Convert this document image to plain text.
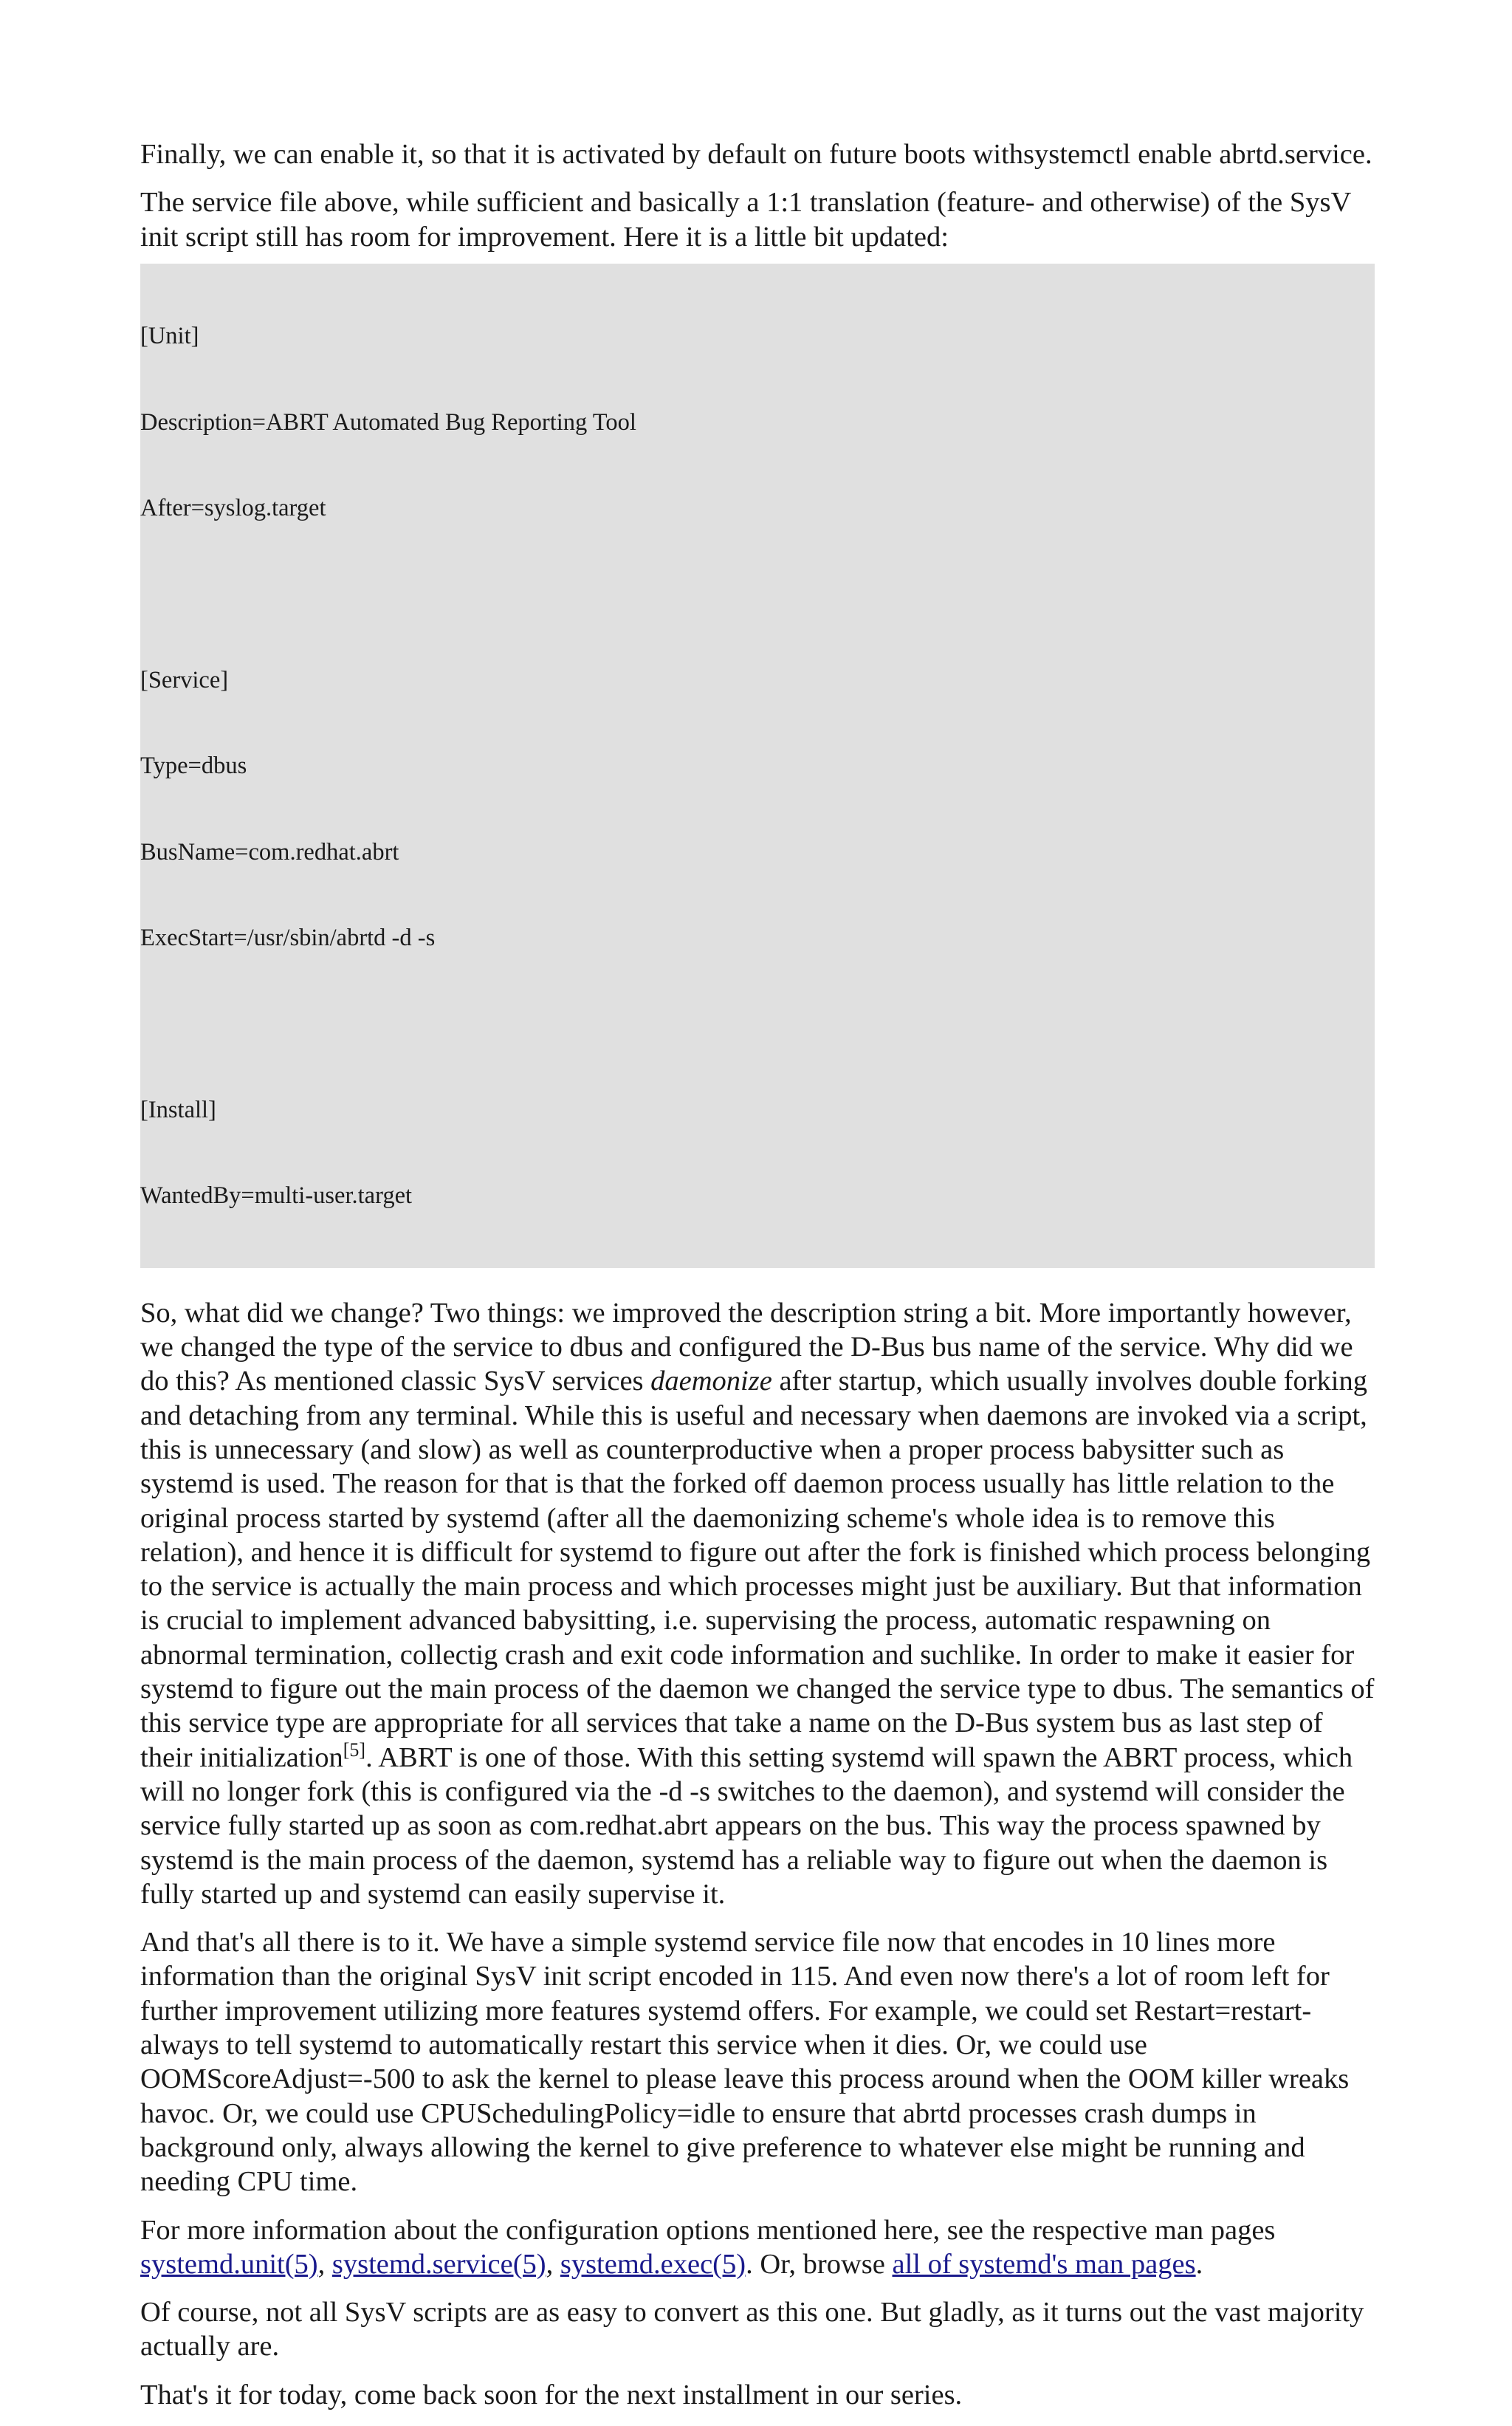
Finally, we can enable it, so that it is activated by default on future boots withsystemctl enable abrtd.service.

The service file above, while sufficient and basically a 1:1 translation (feature- and otherwise) of the SysV init script still has room for improvement. Here it is a little bit updated:

[Unit]

Description=ABRT Automated Bug Reporting Tool

After=syslog.target

[Service]

Type=dbus

BusName=com.redhat.abrt

ExecStart=/usr/sbin/abrtd -d -s

[Install]

WantedBy=multi-user.target

So, what did we change? Two things: we improved the description string a bit. More importantly however, we changed the type of the service to dbus and configured the D-Bus bus name of the service. Why did we do this? As mentioned classic SysV services daemonize after startup, which usually involves double forking and detaching from any terminal. While this is useful and necessary when daemons are invoked via a script, this is unnecessary (and slow) as well as counterproductive when a proper process babysitter such as systemd is used. The reason for that is that the forked off daemon process usually has little relation to the original process started by systemd (after all the daemonizing scheme's whole idea is to remove this relation), and hence it is difficult for systemd to figure out after the fork is finished which process belonging to the service is actually the main process and which processes might just be auxiliary. But that information is crucial to implement advanced babysitting, i.e. supervising the process, automatic respawning on abnormal termination, collectig crash and exit code information and suchlike. In order to make it easier for systemd to figure out the main process of the daemon we changed the service type to dbus. The semantics of this service type are appropriate for all services that take a name on the D-Bus system bus as last step of their initialization[5]. ABRT is one of those. With this setting systemd will spawn the ABRT process, which will no longer fork (this is configured via the -d -s switches to the daemon), and systemd will consider the service fully started up as soon as com.redhat.abrt appears on the bus. This way the process spawned by systemd is the main process of the daemon, systemd has a reliable way to figure out when the daemon is fully started up and systemd can easily supervise it.

And that's all there is to it. We have a simple systemd service file now that encodes in 10 lines more information than the original SysV init script encoded in 115. And even now there's a lot of room left for further improvement utilizing more features systemd offers. For example, we could set Restart=restart-always to tell systemd to automatically restart this service when it dies. Or, we could use OOMScoreAdjust=-500 to ask the kernel to please leave this process around when the OOM killer wreaks havoc. Or, we could use CPUSchedulingPolicy=idle to ensure that abrtd processes crash dumps in background only, always allowing the kernel to give preference to whatever else might be running and needing CPU time.

For more information about the configuration options mentioned here, see the respective man pages systemd.unit(5), systemd.service(5), systemd.exec(5). Or, browse all of systemd's man pages.

Of course, not all SysV scripts are as easy to convert as this one. But gladly, as it turns out the vast majority actually are.

That's it for today, come back soon for the next installment in our series.
